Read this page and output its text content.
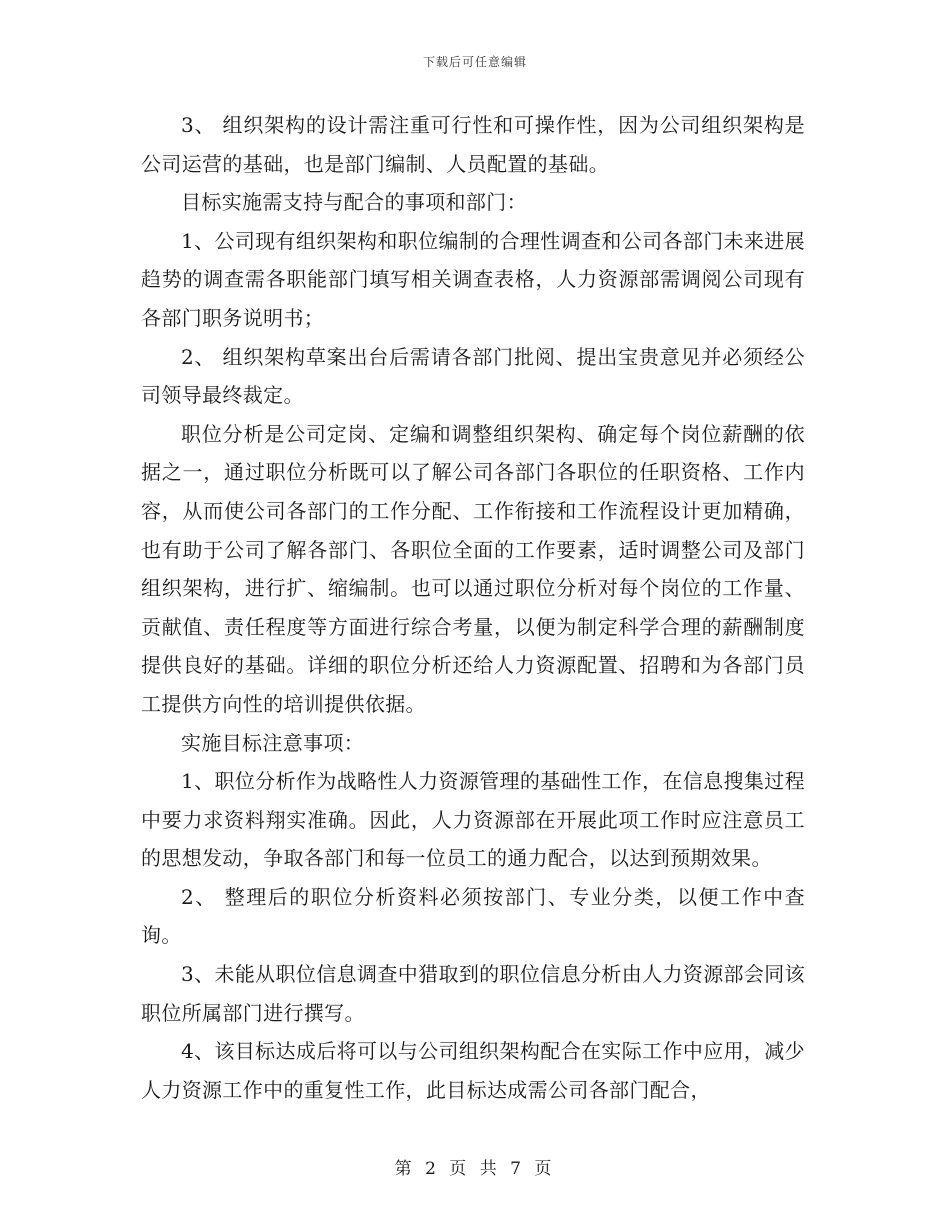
下载后可任意编辑

3、 组织架构的设计需注重可行性和可操作性，因为公司组织架构是公司运营的基础，也是部门编制、人员配置的基础。

目标实施需支持与配合的事项和部门：

1、公司现有组织架构和职位编制的合理性调查和公司各部门未来进展趋势的调查需各职能部门填写相关调查表格，人力资源部需调阅公司现有各部门职务说明书；

2、 组织架构草案出台后需请各部门批阅、提出宝贵意见并必须经公司领导最终裁定。

职位分析是公司定岗、定编和调整组织架构、确定每个岗位薪酬的依据之一，通过职位分析既可以了解公司各部门各职位的任职资格、工作内容，从而使公司各部门的工作分配、工作衔接和工作流程设计更加精确，也有助于公司了解各部门、各职位全面的工作要素，适时调整公司及部门组织架构，进行扩、缩编制。也可以通过职位分析对每个岗位的工作量、贡献值、责任程度等方面进行综合考量，以便为制定科学合理的薪酬制度提供良好的基础。详细的职位分析还给人力资源配置、招聘和为各部门员工提供方向性的培训提供依据。

实施目标注意事项：

1、职位分析作为战略性人力资源管理的基础性工作，在信息搜集过程中要力求资料翔实准确。因此，人力资源部在开展此项工作时应注意员工的思想发动，争取各部门和每一位员工的通力配合，以达到预期效果。

2、 整理后的职位分析资料必须按部门、专业分类，以便工作中查询。

3、未能从职位信息调查中猎取到的职位信息分析由人力资源部会同该职位所属部门进行撰写。

4、该目标达成后将可以与公司组织架构配合在实际工作中应用，减少人力资源工作中的重复性工作，此目标达成需公司各部门配合，

第 2 页 共 7 页
